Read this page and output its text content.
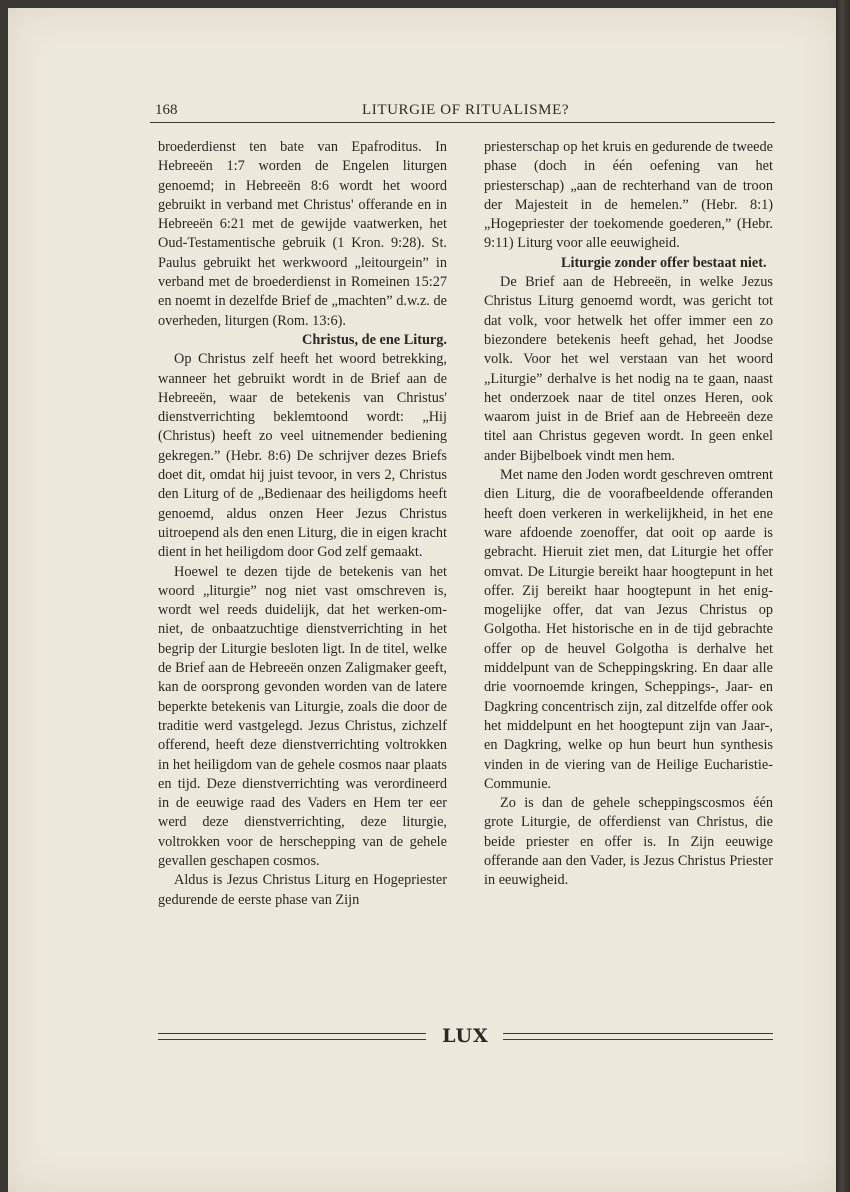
168	LITURGIE OF RITUALISME?

broederdienst ten bate van Epafroditus. In Hebreeën 1:7 worden de Engelen liturgen genoemd; in Hebreeën 8:6 wordt het woord gebruikt in verband met Christus' offerande en in Hebreeën 6:21 met de gewijde vaatwerken, het Oud-Testamentische gebruik (1 Kron. 9:28). St. Paulus gebruikt het werkwoord „leitourgein” in verband met de broederdienst in Romeinen 15:27 en noemt in dezelfde Brief de „machten” d.w.z. de overheden, liturgen (Rom. 13:6).

Christus, de ene Liturg.

Op Christus zelf heeft het woord betrekking, wanneer het gebruikt wordt in de Brief aan de Hebreeën, waar de betekenis van Christus' dienstverrichting beklemtoond wordt: „Hij (Christus) heeft zo veel uitnemender bediening gekregen.” (Hebr. 8:6) De schrijver dezes Briefs doet dit, omdat hij juist tevoor, in vers 2, Christus den Liturg of de „Bedienaar des heiligdoms heeft genoemd, aldus onzen Heer Jezus Christus uitroepend als den enen Liturg, die in eigen kracht dient in het heiligdom door God zelf gemaakt.

Hoewel te dezen tijde de betekenis van het woord „liturgie” nog niet vast omschreven is, wordt wel reeds duidelijk, dat het werken-om-niet, de onbaatzuchtige dienstverrichting in het begrip der Liturgie besloten ligt. In de titel, welke de Brief aan de Hebreeën onzen Zaligmaker geeft, kan de oorsprong gevonden worden van de latere beperkte betekenis van Liturgie, zoals die door de traditie werd vastgelegd. Jezus Christus, zichzelf offerend, heeft deze dienstverrichting voltrokken in het heiligdom van de gehele cosmos naar plaats en tijd. Deze dienstverrichting was verordineerd in de eeuwige raad des Vaders en Hem ter eer werd deze dienstverrichting, deze liturgie, voltrokken voor de herschepping van de gehele gevallen geschapen cosmos.

Aldus is Jezus Christus Liturg en Hogepriester gedurende de eerste phase van Zijn

priesterschap op het kruis en gedurende de tweede phase (doch in één oefening van het priesterschap) „aan de rechterhand van de troon der Majesteit in de hemelen.” (Hebr. 8:1) „Hogepriester der toekomende goederen,” (Hebr. 9:11) Liturg voor alle eeuwigheid.

Liturgie zonder offer bestaat niet.

De Brief aan de Hebreeën, in welke Jezus Christus Liturg genoemd wordt, was gericht tot dat volk, voor hetwelk het offer immer een zo biezondere betekenis heeft gehad, het Joodse volk. Voor het wel verstaan van het woord „Liturgie” derhalve is het nodig na te gaan, naast het onderzoek naar de titel onzes Heren, ook waarom juist in de Brief aan de Hebreeën deze titel aan Christus gegeven wordt. In geen enkel ander Bijbelboek vindt men hem.

Met name den Joden wordt geschreven omtrent dien Liturg, die de voorafbeeldende offeranden heeft doen verkeren in werkelijkheid, in het ene ware afdoende zoenoffer, dat ooit op aarde is gebracht. Hieruit ziet men, dat Liturgie het offer omvat. De Liturgie bereikt haar hoogtepunt in het offer. Zij bereikt haar hoogtepunt in het enig-mogelijke offer, dat van Jezus Christus op Golgotha. Het historische en in de tijd gebrachte offer op de heuvel Golgotha is derhalve het middelpunt van de Scheppingskring. En daar alle drie voornoemde kringen, Scheppings-, Jaar- en Dagkring concentrisch zijn, zal ditzelfde offer ook het middelpunt en het hoogtepunt zijn van Jaar-, en Dagkring, welke op hun beurt hun synthesis vinden in de viering van de Heilige Eucharistie-Communie.

Zo is dan de gehele scheppingscosmos één grote Liturgie, de offerdienst van Christus, die beide priester en offer is. In Zijn eeuwige offerande aan den Vader, is Jezus Christus Priester in eeuwigheid.

LUX
